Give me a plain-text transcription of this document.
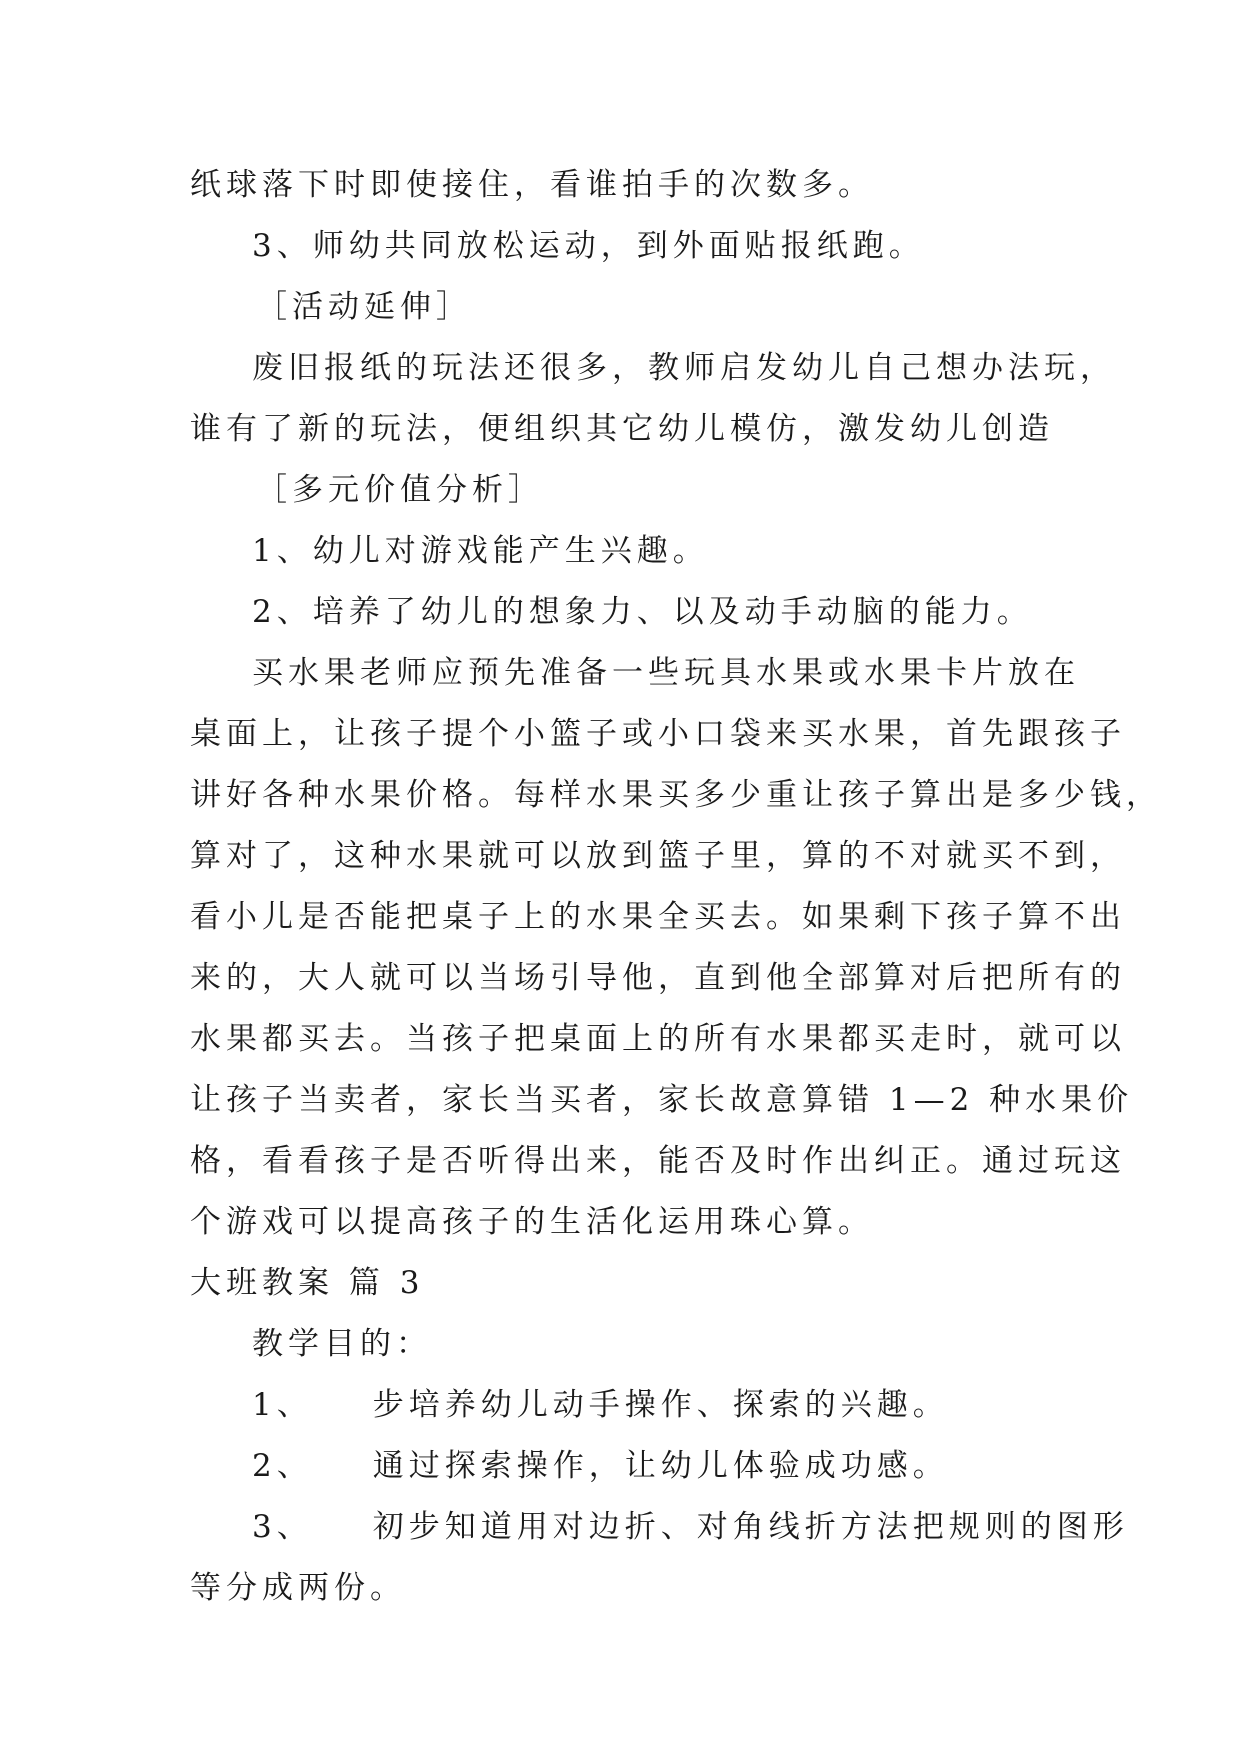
纸球落下时即使接住，看谁拍手的次数多。

3、师幼共同放松运动，到外面贴报纸跑。

［活动延伸］

废旧报纸的玩法还很多，教师启发幼儿自己想办法玩，

谁有了新的玩法，便组织其它幼儿模仿，激发幼儿创造

［多元价值分析］

1、幼儿对游戏能产生兴趣。

2、培养了幼儿的想象力、以及动手动脑的能力。

买水果老师应预先准备一些玩具水果或水果卡片放在

桌面上，让孩子提个小篮子或小口袋来买水果，首先跟孩子

讲好各种水果价格。每样水果买多少重让孩子算出是多少钱，

算对了，这种水果就可以放到篮子里，算的不对就买不到，

看小儿是否能把桌子上的水果全买去。如果剩下孩子算不出

来的，大人就可以当场引导他，直到他全部算对后把所有的

水果都买去。当孩子把桌面上的所有水果都买走时，就可以

让孩子当卖者，家长当买者，家长故意算错 1—2 种水果价

格，看看孩子是否听得出来，能否及时作出纠正。通过玩这

个游戏可以提高孩子的生活化运用珠心算。

大班教案 篇 3

教学目的：

1、 步培养幼儿动手操作、探索的兴趣。

2、 通过探索操作，让幼儿体验成功感。

3、 初步知道用对边折、对角线折方法把规则的图形

等分成两份。
